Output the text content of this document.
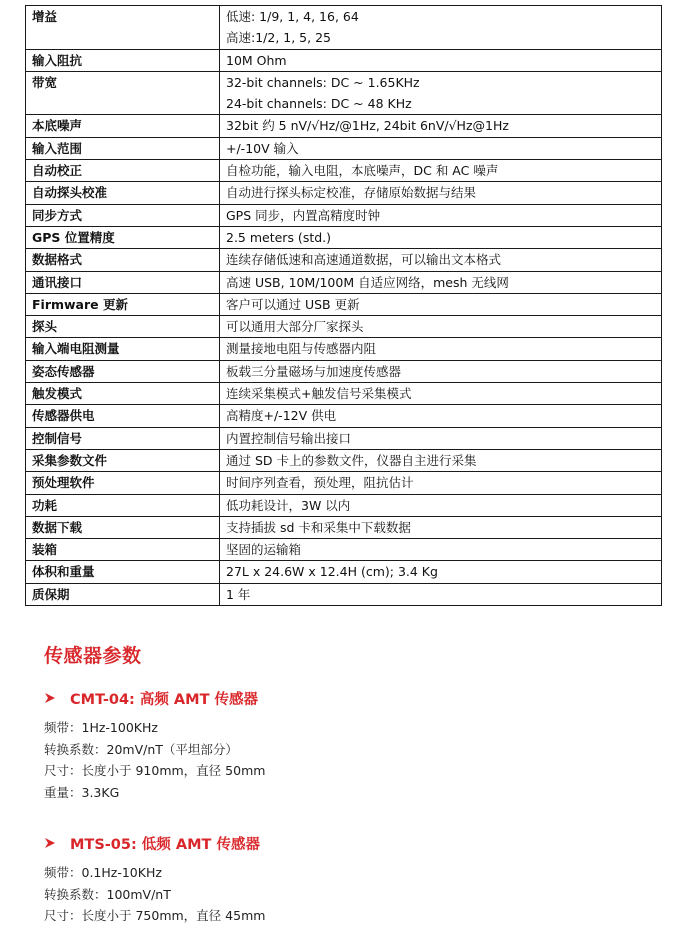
增益	低速: 1/9, 1, 4, 16, 64
高速:1/2, 1, 5, 25

输入阻抗	10M Ohm

带宽	32-bit channels: DC ~ 1.65KHz
24-bit channels: DC ~ 48 KHz

本底噪声	32bit 约 5 nV/√Hz/@1Hz, 24bit 6nV/√Hz@1Hz

输入范围	+/-10V 输入

自动校正	自检功能，输入电阻，本底噪声，DC 和 AC 噪声

自动探头校准	自动进行探头标定校准，存储原始数据与结果

同步方式	GPS 同步，内置高精度时钟

GPS 位置精度	2.5 meters (std.)

数据格式	连续存储低速和高速通道数据，可以输出文本格式

通讯接口	高速 USB, 10M/100M 自适应网络，mesh 无线网

Firmware 更新	客户可以通过 USB 更新

探头	可以通用大部分厂家探头

输入端电阻测量	测量接地电阻与传感器内阻

姿态传感器	板载三分量磁场与加速度传感器

触发模式	连续采集模式+触发信号采集模式

传感器供电	高精度+/-12V 供电

控制信号	内置控制信号输出接口

采集参数文件	通过 SD 卡上的参数文件，仪器自主进行采集

预处理软件	时间序列查看，预处理，阻抗估计

功耗	低功耗设计，3W 以内

数据下载	支持插拔 sd 卡和采集中下载数据

装箱	坚固的运输箱

体积和重量	27L x 24.6W x 12.4H (cm); 3.4 Kg

质保期	1 年
传感器参数
CMT-04: 高频 AMT 传感器
频带：1Hz-100KHz
转换系数：20mV/nT（平坦部分）
尺寸：长度小于 910mm，直径 50mm
重量：3.3KG
MTS-05: 低频 AMT 传感器
频带：0.1Hz-10KHz
转换系数：100mV/nT
尺寸：长度小于 750mm，直径 45mm
